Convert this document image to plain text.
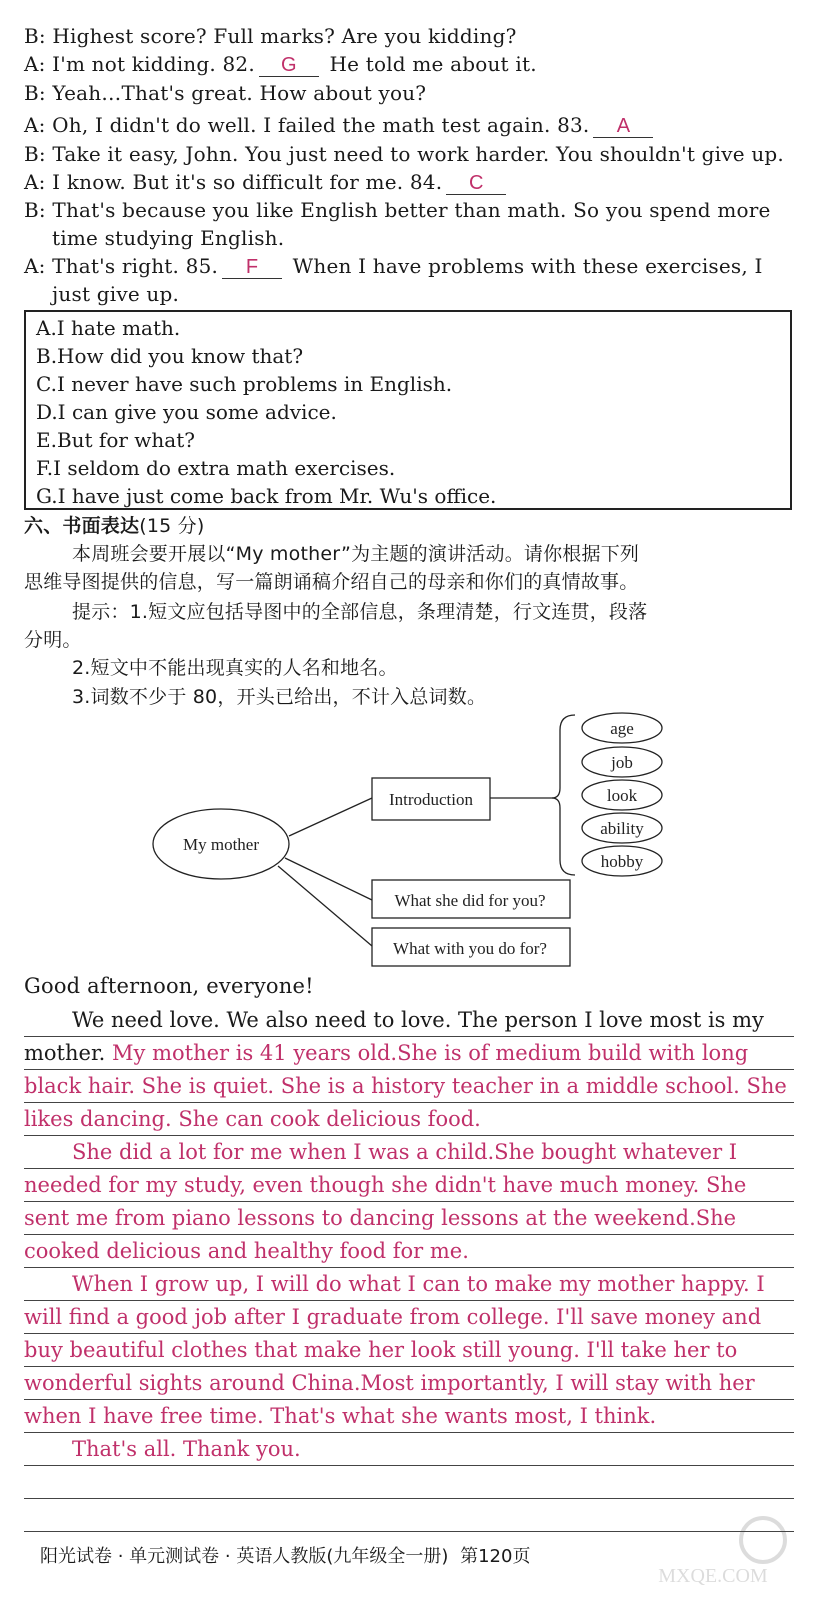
B: Highest score? Full marks? Are you kidding?
A: I'm not kidding. 82. G He told me about it.
B: Yeah…That's great. How about you?
A: Oh, I didn't do well. I failed the math test again. 83. A
B: Take it easy, John. You just need to work harder. You shouldn't give up.
A: I know. But it's so difficult for me. 84. C
B: That's because you like English better than math. So you spend more
time studying English.
A: That's right. 85. F When I have problems with these exercises, I
just give up.
A.I hate math.
B.How did you know that?
C.I never have such problems in English.
D.I can give you some advice.
E.But for what?
F.I seldom do extra math exercises.
G.I have just come back from Mr. Wu's office.
六、书面表达(15 分)
本周班会要开展以“My mother”为主题的演讲活动。请你根据下列
思维导图提供的信息，写一篇朗诵稿介绍自己的母亲和你们的真情故事。
提示：1.短文应包括导图中的全部信息，条理清楚，行文连贯，段落
分明。
2.短文中不能出现真实的人名和地名。
3.词数不少于 80，开头已给出，不计入总词数。
My mother
Introduction
What she did for you?
What with you do for?
age
job
look
ability
hobby
Good afternoon, everyone!
We need love. We also need to love. The person I love most is my
mother. My mother is 41 years old.She is of medium build with long
black hair. She is quiet. She is a history teacher in a middle school. She
likes dancing. She can cook delicious food.
She did a lot for me when I was a child.She bought whatever I
needed for my study, even though she didn't have much money. She
sent me from piano lessons to dancing lessons at the weekend.She
cooked delicious and healthy food for me.
When I grow up, I will do what I can to make my mother happy. I
will find a good job after I graduate from college. I'll save money and
buy beautiful clothes that make her look still young. I'll take her to
wonderful sights around China.Most importantly, I will stay with her
when I have free time. That's what she wants most, I think.
That's all. Thank you.
阳光试卷 · 单元测试卷 · 英语人教版(九年级全一册) 第120页
MXQE.COM
